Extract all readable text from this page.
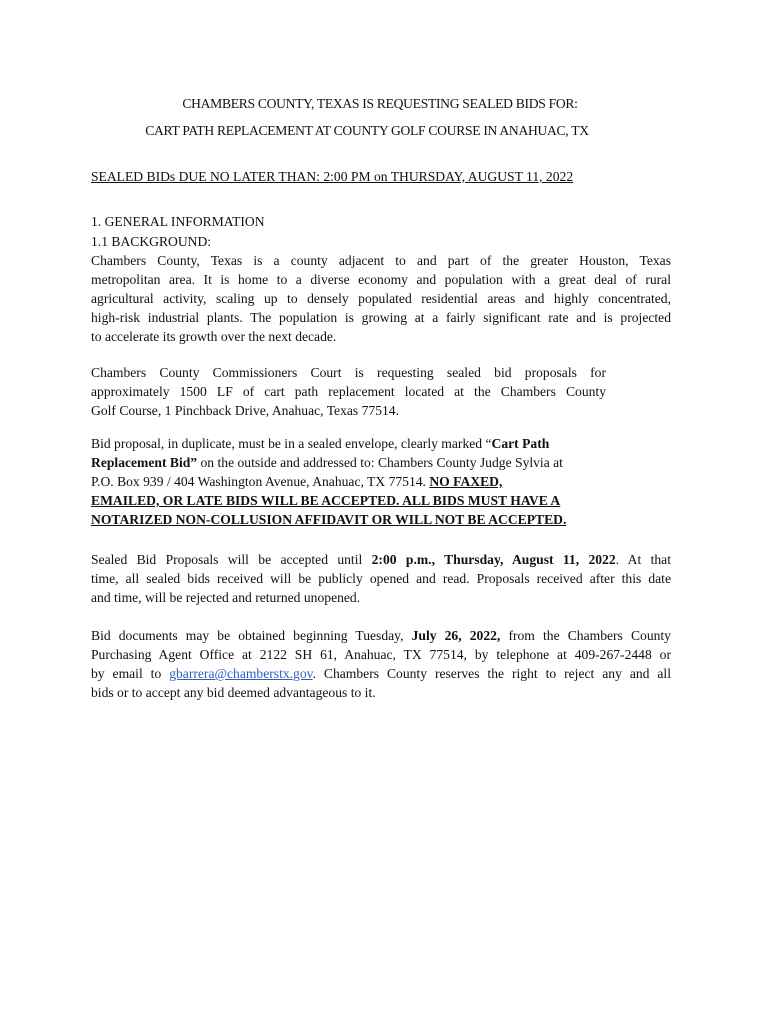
CHAMBERS COUNTY, TEXAS IS REQUESTING SEALED BIDS FOR:
CART PATH REPLACEMENT AT COUNTY GOLF COURSE IN ANAHUAC, TX
SEALED BIDs DUE NO LATER THAN: 2:00 PM on THURSDAY, AUGUST 11, 2022
1. GENERAL INFORMATION
1.1 BACKGROUND:
Chambers County, Texas is a county adjacent to and part of the greater Houston, Texas
metropolitan area. It is home to a diverse economy and population with a great deal of rural
agricultural activity, scaling up to densely populated residential areas and highly concentrated,
high-risk industrial plants. The population is growing at a fairly significant rate and is projected
to accelerate its growth over the next decade.
Chambers County Commissioners Court is requesting sealed bid proposals for
approximately 1500 LF of cart path replacement located at the Chambers County
Golf Course, 1 Pinchback Drive, Anahuac, Texas 77514.
Bid proposal, in duplicate, must be in a sealed envelope, clearly marked “Cart Path
Replacement Bid” on the outside and addressed to: Chambers County Judge Sylvia at
P.O. Box 939 / 404 Washington Avenue, Anahuac, TX 77514. NO FAXED,
EMAILED, OR LATE BIDS WILL BE ACCEPTED. ALL BIDS MUST HAVE A
NOTARIZED NON-COLLUSION AFFIDAVIT OR WILL NOT BE ACCEPTED.
Sealed Bid Proposals will be accepted until 2:00 p.m., Thursday, August 11, 2022. At that
time, all sealed bids received will be publicly opened and read. Proposals received after this date
and time, will be rejected and returned unopened.
Bid documents may be obtained beginning Tuesday, July 26, 2022, from the Chambers County
Purchasing Agent Office at 2122 SH 61, Anahuac, TX 77514, by telephone at 409-267-2448 or
by email to gbarrera@chamberstx.gov. Chambers County reserves the right to reject any and all
bids or to accept any bid deemed advantageous to it.
